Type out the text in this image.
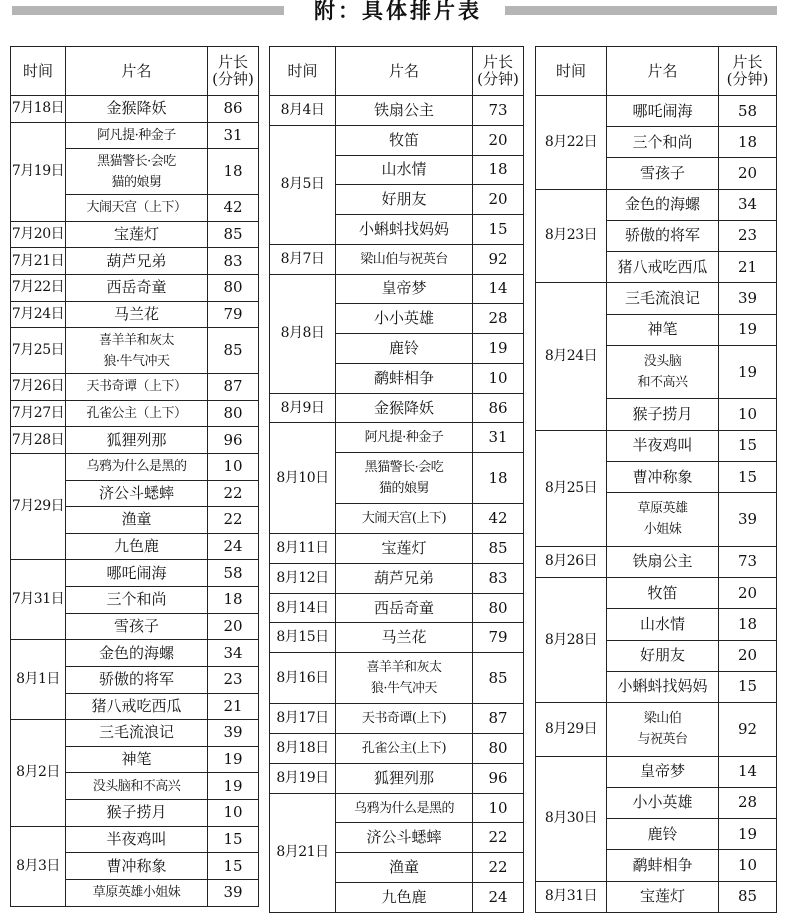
附：具体排片表
时间	片名	片长
(分钟)
7月18日	金猴降妖	86
7月19日	阿凡提·种金子	31
	黑猫警长·会吃
猫的娘舅	18
	大闹天宫（上下）	42
7月20日	宝莲灯	85
7月21日	葫芦兄弟	83
7月22日	西岳奇童	80
7月24日	马兰花	79
7月25日	喜羊羊和灰太
狼·牛气冲天	85
7月26日	天书奇谭（上下）	87
7月27日	孔雀公主（上下）	80
7月28日	狐狸列那	96
7月29日	乌鸦为什么是黑的	10
	济公斗蟋蟀	22
	渔童	22
	九色鹿	24
7月31日	哪吒闹海	58
	三个和尚	18
	雪孩子	20
8月1日	金色的海螺	34
	骄傲的将军	23
	猪八戒吃西瓜	21
8月2日	三毛流浪记	39
	神笔	19
	没头脑和不高兴	19
	猴子捞月	10
8月3日	半夜鸡叫	15
	曹冲称象	15
	草原英雄小姐妹	39
时间	片名	片长
(分钟)
8月4日	铁扇公主	73
8月5日	牧笛	20
	山水情	18
	好朋友	20
	小蝌蚪找妈妈	15
8月7日	梁山伯与祝英台	92
8月8日	皇帝梦	14
	小小英雄	28
	鹿铃	19
	鹬蚌相争	10
8月9日	金猴降妖	86
8月10日	阿凡提·种金子	31
	黑猫警长·会吃
猫的娘舅	18
	大闹天宫(上下)	42
8月11日	宝莲灯	85
8月12日	葫芦兄弟	83
8月14日	西岳奇童	80
8月15日	马兰花	79
8月16日	喜羊羊和灰太
狼·牛气冲天	85
8月17日	天书奇谭(上下)	87
8月18日	孔雀公主(上下)	80
8月19日	狐狸列那	96
8月21日	乌鸦为什么是黑的	10
	济公斗蟋蟀	22
	渔童	22
	九色鹿	24
时间	片名	片长
(分钟)
8月22日	哪吒闹海	58
	三个和尚	18
	雪孩子	20
8月23日	金色的海螺	34
	骄傲的将军	23
	猪八戒吃西瓜	21
8月24日	三毛流浪记	39
	神笔	19
	没头脑
和不高兴	19
	猴子捞月	10
8月25日	半夜鸡叫	15
	曹冲称象	15
	草原英雄
小姐妹	39
8月26日	铁扇公主	73
8月28日	牧笛	20
	山水情	18
	好朋友	20
	小蝌蚪找妈妈	15
8月29日	梁山伯
与祝英台	92
8月30日	皇帝梦	14
	小小英雄	28
	鹿铃	19
	鹬蚌相争	10
8月31日	宝莲灯	85
